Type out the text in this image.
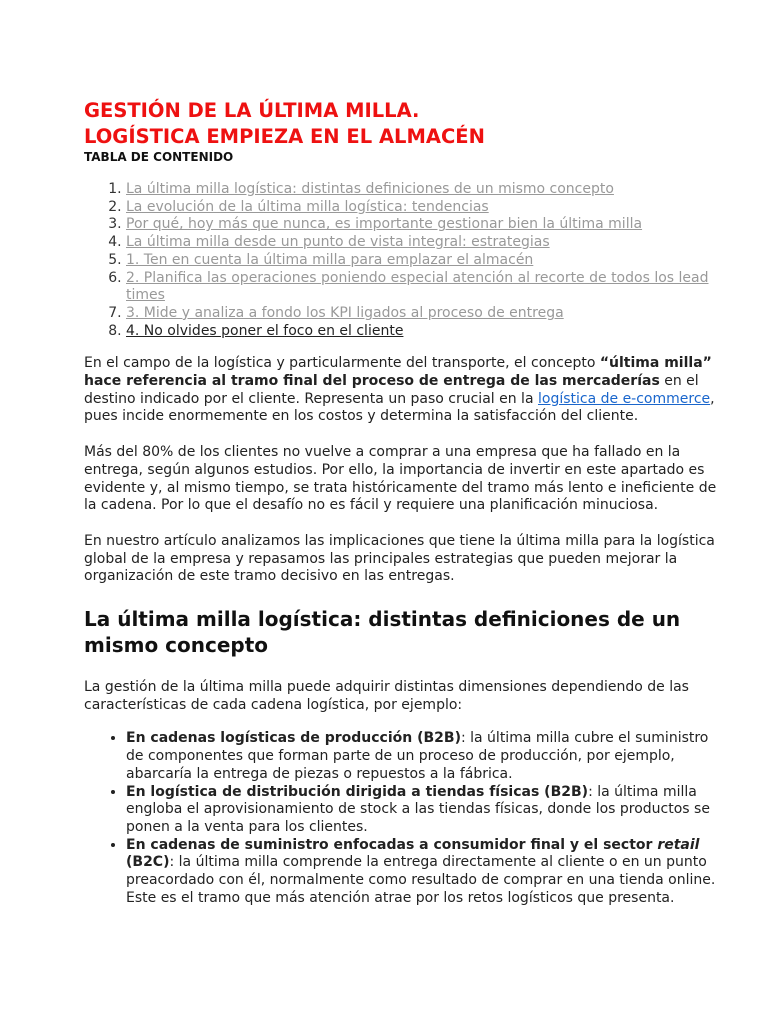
GESTIÓN DE LA ÚLTIMA MILLA.
LOGÍSTICA EMPIEZA EN EL ALMACÉN
TABLA DE CONTENIDO
1. La última milla logística: distintas definiciones de un mismo concepto
2. La evolución de la última milla logística: tendencias
3. Por qué, hoy más que nunca, es importante gestionar bien la última milla
4. La última milla desde un punto de vista integral: estrategias
5. 1. Ten en cuenta la última milla para emplazar el almacén
6. 2. Planifica las operaciones poniendo especial atención al recorte de todos los lead times
7. 3. Mide y analiza a fondo los KPI ligados al proceso de entrega
8. 4. No olvides poner el foco en el cliente

En el campo de la logística y particularmente del transporte, el concepto “última milla” hace referencia al tramo final del proceso de entrega de las mercaderías en el destino indicado por el cliente. Representa un paso crucial en la logística de e-commerce, pues incide enormemente en los costos y determina la satisfacción del cliente.

Más del 80% de los clientes no vuelve a comprar a una empresa que ha fallado en la entrega, según algunos estudios. Por ello, la importancia de invertir en este apartado es evidente y, al mismo tiempo, se trata históricamente del tramo más lento e ineficiente de la cadena. Por lo que el desafío no es fácil y requiere una planificación minuciosa.

En nuestro artículo analizamos las implicaciones que tiene la última milla para la logística global de la empresa y repasamos las principales estrategias que pueden mejorar la organización de este tramo decisivo en las entregas.

La última milla logística: distintas definiciones de un mismo concepto

La gestión de la última milla puede adquirir distintas dimensiones dependiendo de las características de cada cadena logística, por ejemplo:

• En cadenas logísticas de producción (B2B): la última milla cubre el suministro de componentes que forman parte de un proceso de producción, por ejemplo, abarcaría la entrega de piezas o repuestos a la fábrica.
• En logística de distribución dirigida a tiendas físicas (B2B): la última milla engloba el aprovisionamiento de stock a las tiendas físicas, donde los productos se ponen a la venta para los clientes.
• En cadenas de suministro enfocadas a consumidor final y el sector retail (B2C): la última milla comprende la entrega directamente al cliente o en un punto preacordado con él, normalmente como resultado de comprar en una tienda online. Este es el tramo que más atención atrae por los retos logísticos que presenta.
